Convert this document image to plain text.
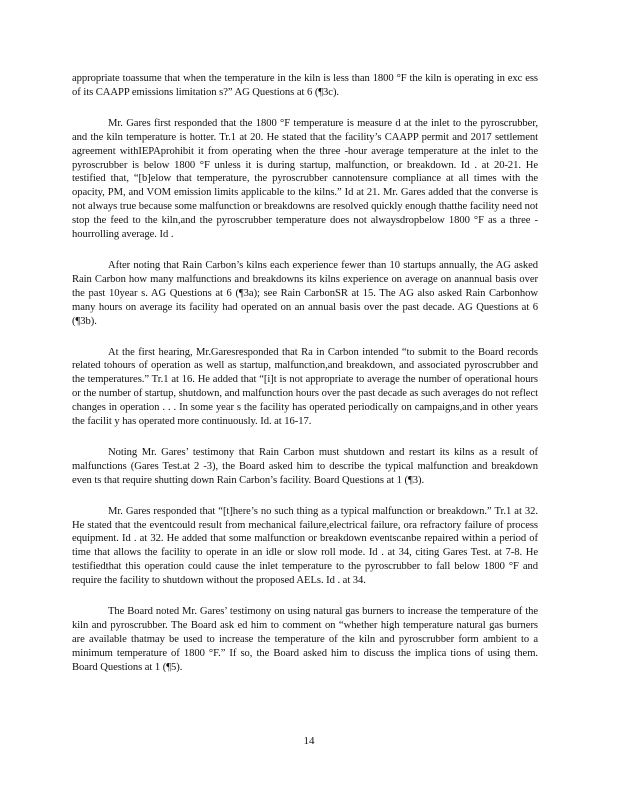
appropriate toassume that when the temperature in the kiln is less than 1800 °F the kiln is operating in exc ess of its CAAPP emissions limitation s?” AG Questions at 6 (¶3c).

Mr. Gares first responded that the 1800 °F temperature is measure d at the inlet to the pyroscrubber, and the kiln temperature is hotter. Tr.1 at 20. He stated that the facility’s CAAPP permit and 2017 settlement agreement withIEPAprohibit it from operating when the three -hour average temperature at the inlet to the pyroscrubber is below 1800 °F unless it is during startup, malfunction, or breakdown. Id . at 20-21. He testified that, “[b]elow that temperature, the pyroscrubber cannotensure compliance at all times with the opacity, PM, and VOM emission limits applicable to the kilns.” Id at 21. Mr. Gares added that the converse is not always true because some malfunction or breakdowns are resolved quickly enough thatthe facility need not stop the feed to the kiln,and the pyroscrubber temperature does not alwaysdropbelow 1800 °F as a three -hourrolling average. Id .

After noting that Rain Carbon’s kilns each experience fewer than 10 startups annually, the AG asked Rain Carbon how many malfunctions and breakdowns its kilns experience on average on anannual basis over the past 10year s. AG Questions at 6 (¶3a); see Rain CarbonSR at 15. The AG also asked Rain Carbonhow many hours on average its facility had operated on an annual basis over the past decade. AG Questions at 6 (¶3b).

At the first hearing, Mr.Garesresponded that Ra in Carbon intended “to submit to the Board records related tohours of operation as well as startup, malfunction,and breakdown, and associated pyroscrubber and the temperatures.” Tr.1 at 16. He added that “[i]t is not appropriate to average the number of operational hours or the number of startup, shutdown, and malfunction hours over the past decade as such averages do not reflect changes in operation . . . In some year s the facility has operated periodically on campaigns,and in other years the facilit y has operated more continuously. Id. at 16-17.

Noting Mr. Gares’ testimony that Rain Carbon must shutdown and restart its kilns as a result of malfunctions (Gares Test.at 2 -3), the Board asked him to describe the typical malfunction and breakdown even ts that require shutting down Rain Carbon’s facility. Board Questions at 1 (¶3).

Mr. Gares responded that “[t]here’s no such thing as a typical malfunction or breakdown.” Tr.1 at 32. He stated that the eventcould result from mechanical failure,electrical failure, ora refractory failure of process equipment. Id . at 32. He added that some malfunction or breakdown eventscanbe repaired within a period of time that allows the facility to operate in an idle or slow roll mode. Id . at 34, citing Gares Test. at 7-8. He testifiedthat this operation could cause the inlet temperature to the pyroscrubber to fall below 1800 °F and require the facility to shutdown without the proposed AELs. Id . at 34.

The Board noted Mr. Gares’ testimony on using natural gas burners to increase the temperature of the kiln and pyroscrubber. The Board ask ed him to comment on “whether high temperature natural gas burners are available thatmay be used to increase the temperature of the kiln and pyroscrubber form ambient to a minimum temperature of 1800 °F.” If so, the Board asked him to discuss the implica tions of using them. Board Questions at 1 (¶5).

14
